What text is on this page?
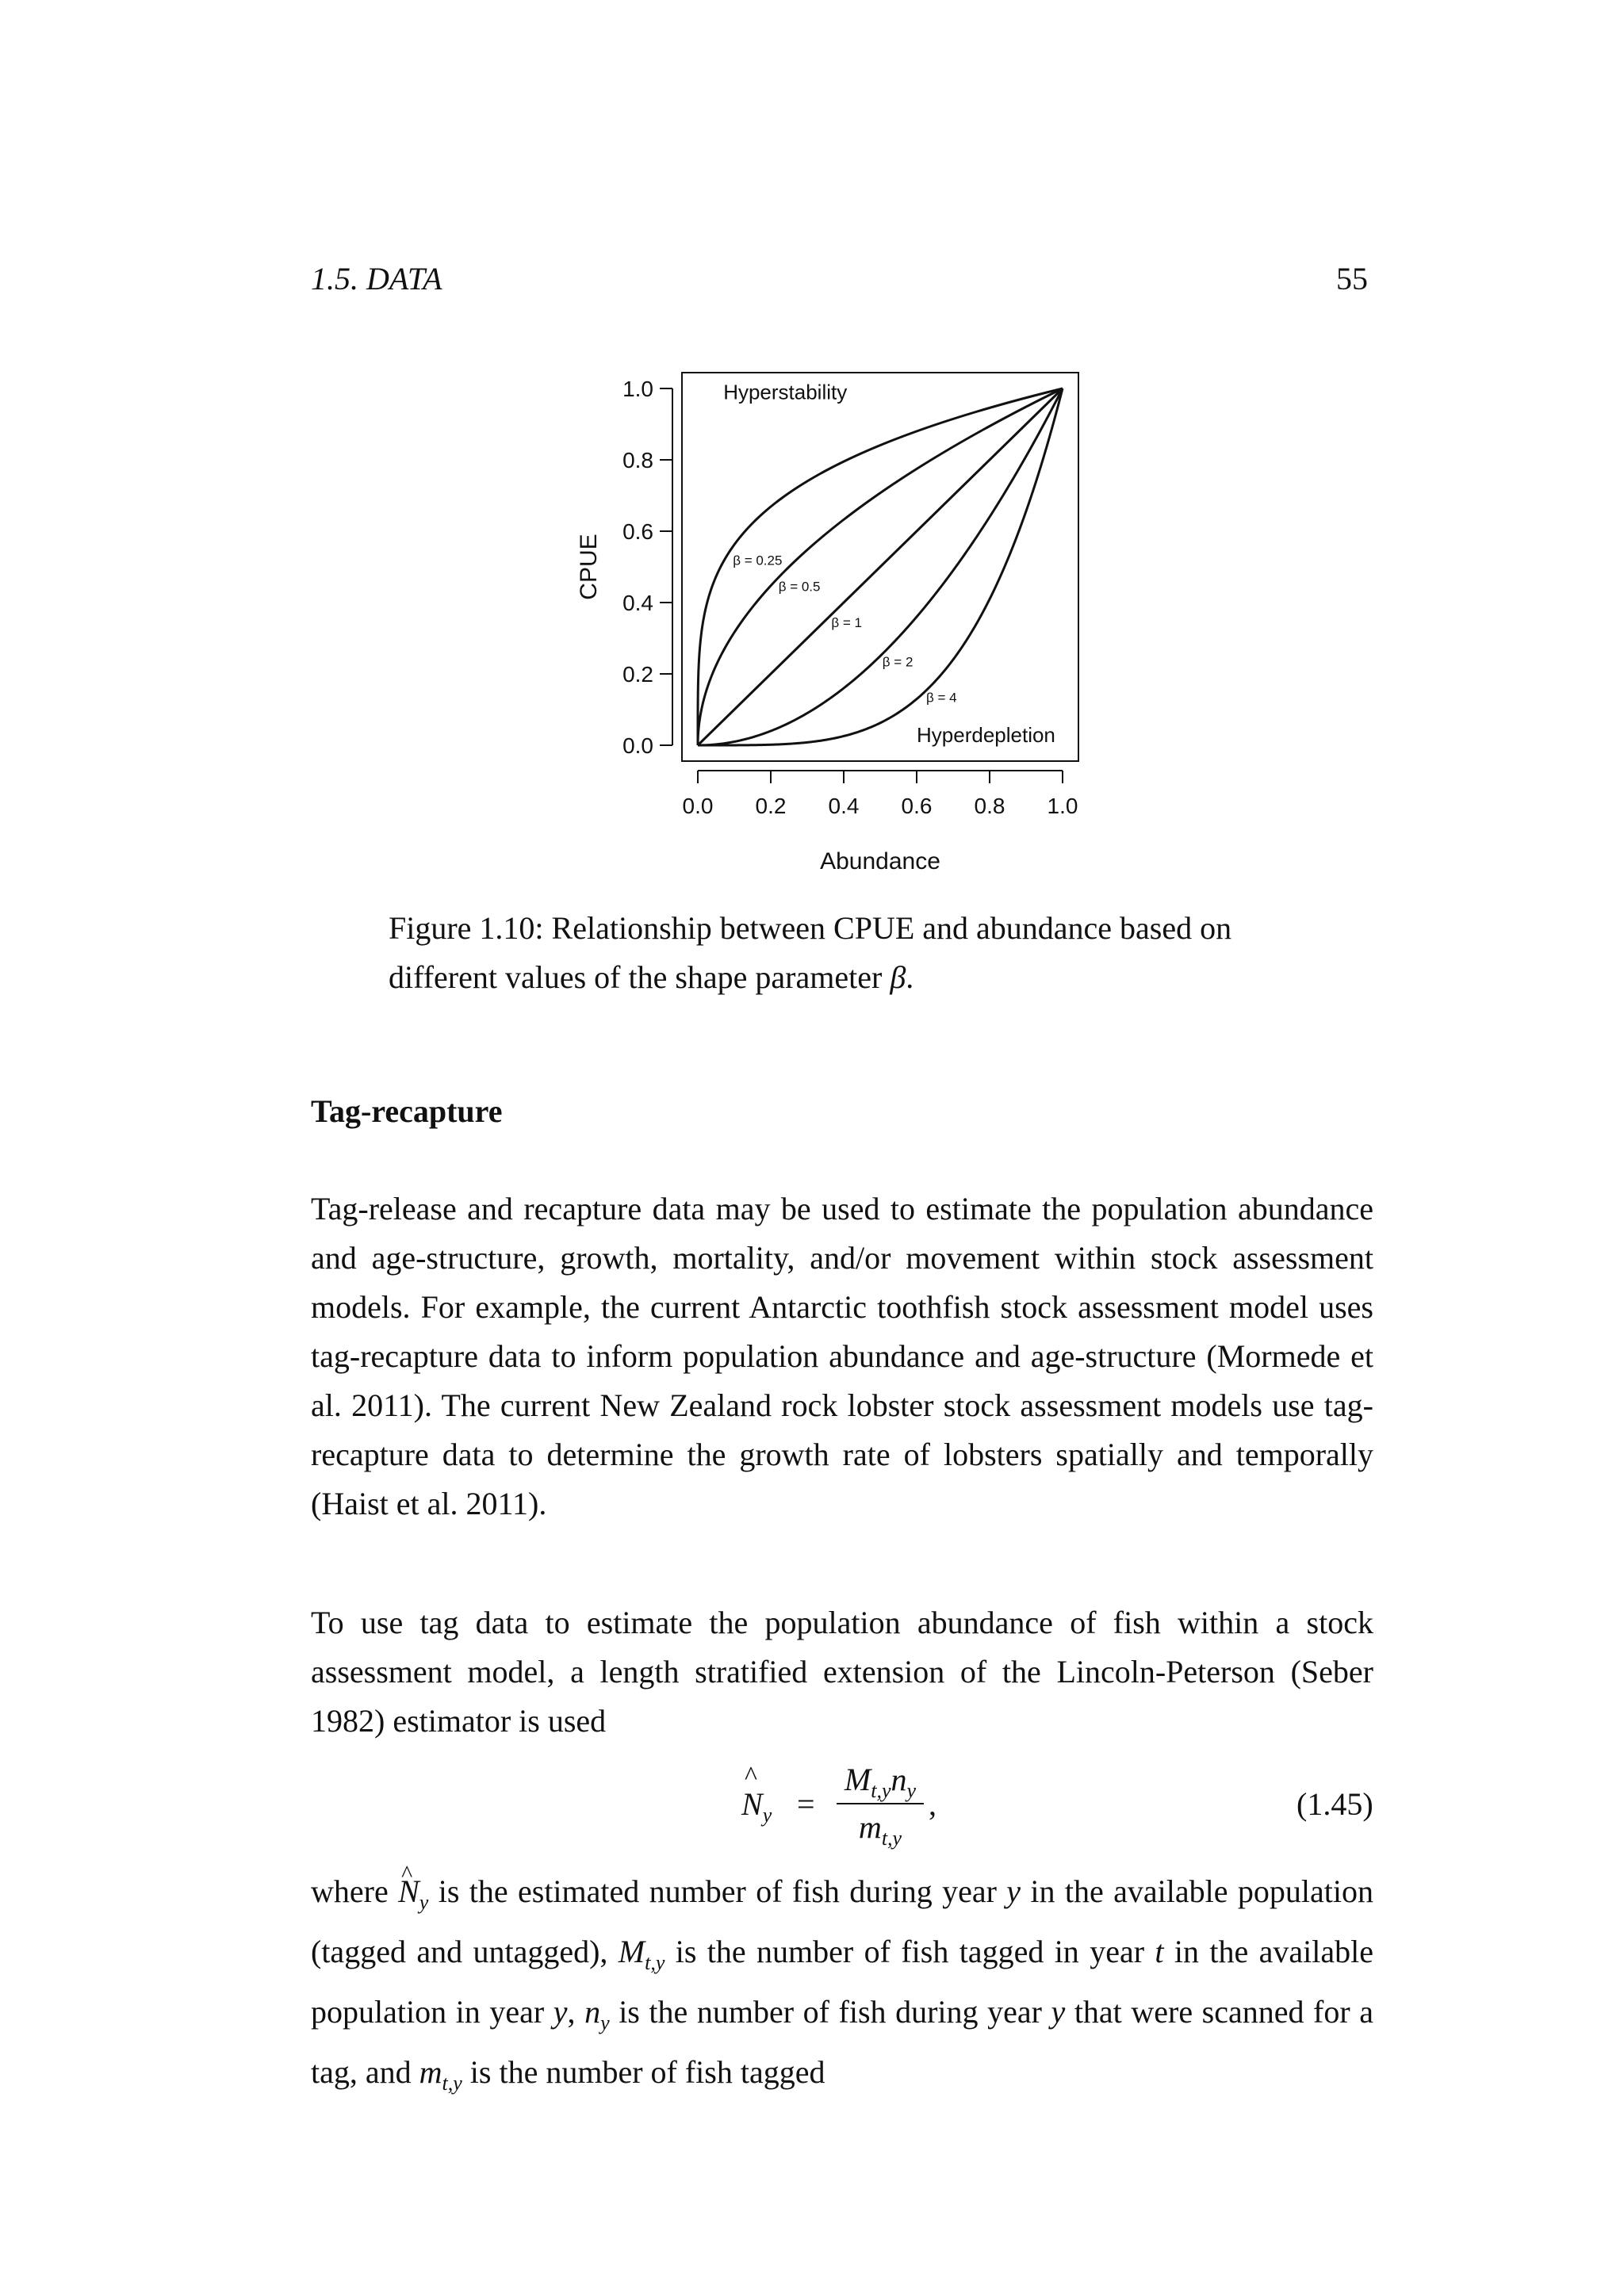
1.5. DATA	55
0.0 0.2 0.4 0.6 0.8 1.0
0.0
0.2
0.4
0.6
0.8
1.0
Abundance
CPUE	β = 0.25
β = 0.5
β = 1
β = 2
β = 4
Hyperstability
Hyperdepletion
Figure 1.10: Relationship between CPUE and abundance based on different values of the shape parameter β.
Tag-recapture
Tag-release and recapture data may be used to estimate the population abundance and age-structure, growth, mortality, and/or movement within stock assessment models. For example, the current Antarctic toothfish stock assessment model uses tag-recapture data to inform population abundance and age-structure (Mormede et al. 2011). The current New Zealand rock lobster stock assessment models use tag-recapture data to determine the growth rate of lobsters spatially and temporally (Haist et al. 2011).
To use tag data to estimate the population abundance of fish within a stock assessment model, a length stratified extension of the Lincoln-Peterson (Seber 1982) estimator is used
^
$N_y$ =
$M_{t,y}n_y$
$m_{t,y}$
,	(1.45)
where ^ $N_y$ is the estimated number of fish during year y in the available population (tagged and untagged), $M_{t,y}$ is the number of fish tagged in year t in the available population in year y, $n_y$ is the number of fish during year y that were scanned for a tag, and $m_{t,y}$ is the number of fish tagged
